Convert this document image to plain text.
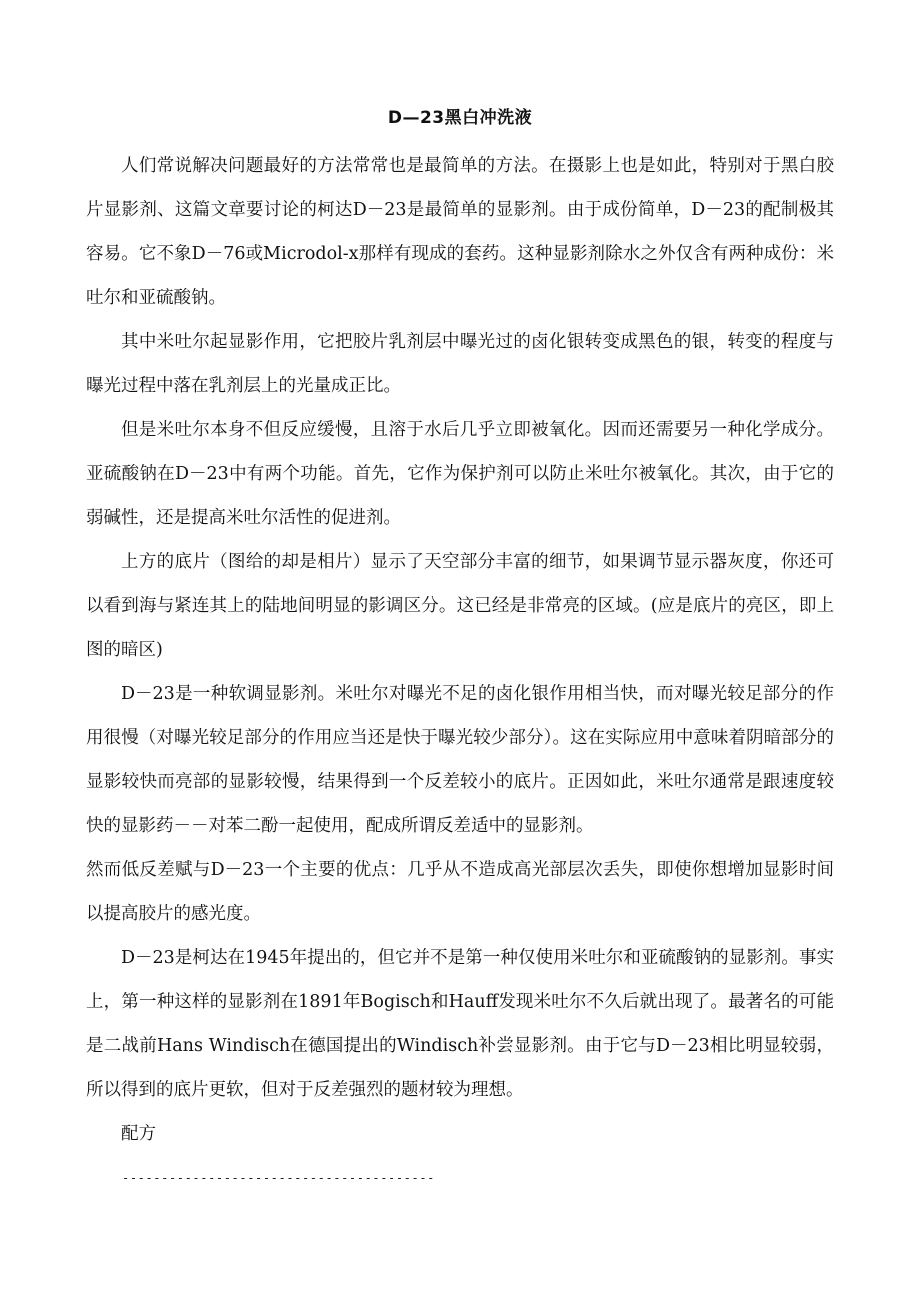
D—23黑白冲洗液

人们常说解决问题最好的方法常常也是最简单的方法。在摄影上也是如此，特别对于黑白胶片显影剂、这篇文章要讨论的柯达D－23是最简单的显影剂。由于成份简单，D－23的配制极其容易。它不象D－76或Microdol-x那样有现成的套药。这种显影剂除水之外仅含有两种成份：米吐尔和亚硫酸钠。

其中米吐尔起显影作用，它把胶片乳剂层中曝光过的卤化银转变成黑色的银，转变的程度与曝光过程中落在乳剂层上的光量成正比。

但是米吐尔本身不但反应缓慢，且溶于水后几乎立即被氧化。因而还需要另一种化学成分。亚硫酸钠在D－23中有两个功能。首先，它作为保护剂可以防止米吐尔被氧化。其次，由于它的弱碱性，还是提高米吐尔活性的促进剂。

上方的底片（图给的却是相片）显示了天空部分丰富的细节，如果调节显示器灰度，你还可以看到海与紧连其上的陆地间明显的影调区分。这已经是非常亮的区域。(应是底片的亮区，即上图的暗区)

D－23是一种软调显影剂。米吐尔对曝光不足的卤化银作用相当快，而对曝光较足部分的作用很慢（对曝光较足部分的作用应当还是快于曝光较少部分）。这在实际应用中意味着阴暗部分的显影较快而亮部的显影较慢，结果得到一个反差较小的底片。正因如此，米吐尔通常是跟速度较快的显影药－－对苯二酚一起使用，配成所谓反差适中的显影剂。

然而低反差赋与D－23一个主要的优点：几乎从不造成高光部层次丢失，即使你想增加显影时间以提高胶片的感光度。

D－23是柯达在1945年提出的，但它并不是第一种仅使用米吐尔和亚硫酸钠的显影剂。事实上，第一种这样的显影剂在1891年Bogisch和Hauff发现米吐尔不久后就出现了。最著名的可能是二战前Hans Windisch在德国提出的Windisch补尝显影剂。由于它与D－23相比明显较弱，所以得到的底片更软，但对于反差强烈的题材较为理想。

配方

----------------------------------------
